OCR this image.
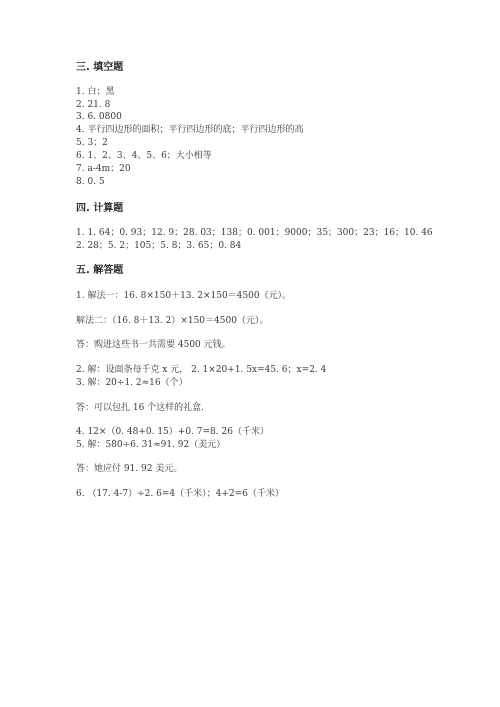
三. 填空题
1. 白；黑
2. 21. 8
3. 6. 0800
4. 平行四边形的面积；平行四边形的底；平行四边形的高
5. 3；2
6. 1、2、3、4、5、6；大小相等
7. a-4m；20
8. 0. 5
四. 计算题
1. 1. 64；0. 93；12. 9；28. 03；138；0. 001；9000；35；300；23；16；10. 46
2. 28；5. 2；105；5. 8；3. 65；0. 84
五. 解答题
1. 解法一：16. 8×150＋13. 2×150＝4500（元）。
解法二：（16. 8＋13. 2）×150＝4500（元）。
答：购进这些书一共需要 4500 元钱。
2. 解：设面条每千克 x 元， 2. 1×20+1. 5x=45. 6；x=2. 4
3. 解：20÷1. 2≈16（个）
答：可以包扎 16 个这样的礼盒.
4. 12×（0. 48+0. 15）+0. 7=8. 26（千米）
5. 解：580÷6. 31≈91. 92（美元）
答：她应付 91. 92 美元。
6. （17. 4-7）÷2. 6=4（千米）；4+2=6（千米）
